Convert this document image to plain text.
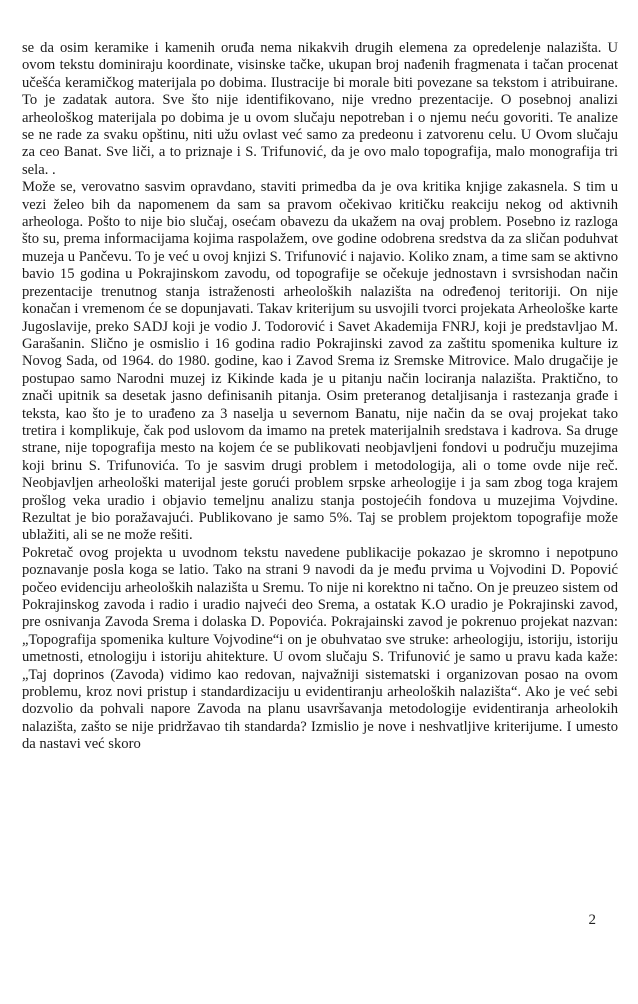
se da osim keramike i kamenih oruđa nema nikakvih drugih elemena za opredelenje nalazišta. U ovom tekstu dominiraju koordinate, visinske tačke, ukupan broj nađenih fragmenata i tačan procenat učešća keramičkog materijala po dobima. Ilustracije bi morale biti povezane sa tekstom i atribuirane. To je zadatak autora. Sve što nije identifikovano, nije vredno prezentacije. O posebnoj analizi arheološkog materijala po dobima je u ovom slučaju nepotreban i o njemu neću govoriti. Te analize se ne rade za svaku opštinu, niti užu ovlast već samo za predeonu i zatvorenu celu. U Ovom slučaju za ceo Banat. Sve liči, a to priznaje i S. Trifunović, da je ovo malo topografija, malo monografija tri sela. .

Može se, verovatno sasvim opravdano, staviti primedba da je ova kritika knjige zakasnela. S tim u vezi želeo bih da napomenem da sam sa pravom očekivao kritičku reakciju nekog od aktivnih arheologa. Pošto to nije bio slučaj, osećam obavezu da ukažem na ovaj problem. Posebno iz razloga što su, prema informacijama kojima raspolažem, ove godine odobrena sredstva da za sličan poduhvat muzeja u Pančevu. To je već u ovoj knjizi S. Trifunović i najavio. Koliko znam, a time sam se aktivno bavio 15 godina u Pokrajinskom zavodu, od topografije se očekuje jednostavn i svrsishodan način prezentacije trenutnog stanja istraženosti arheoloških nalazišta na određenoj teritoriji. On nije konačan i vremenom će se dopunjavati. Takav kriterijum su usvojili tvorci projekata Arheološke karte Jugoslavije, preko SADJ koji je vodio J. Todorović i Savet Akademija FNRJ, koji je predstavljao M. Garašanin. Slično je osmislio i 16 godina radio Pokrajinski zavod za zaštitu spomenika kulture iz Novog Sada, od 1964. do 1980. godine, kao i Zavod Srema iz Sremske Mitrovice. Malo drugačije je postupao samo Narodni muzej iz Kikinde kada je u pitanju način lociranja nalazišta. Praktično, to znači upitnik sa desetak jasno definisanih pitanja. Osim preteranog detaljisanja i rastezanja građe i teksta, kao što je to urađeno za 3 naselja u severnom Banatu, nije način da se ovaj projekat tako tretira i komplikuje, čak pod uslovom da imamo na pretek materijalnih sredstava i kadrova. Sa druge strane, nije topografija mesto na kojem će se publikovati neobjavljeni fondovi u području muzejima koji brinu S. Trifunovića. To je sasvim drugi problem i metodologija, ali o tome ovde nije reč. Neobjavljen arheološki materijal jeste gorući problem srpske arheologije i ja sam zbog toga krajem prošlog veka uradio i objavio temeljnu analizu stanja postojećih fondova u muzejima Vojvdine. Rezultat je bio poražavajući. Publikovano je samo 5%. Taj se problem projektom topografije može ublažiti, ali se ne može rešiti.

Pokretač ovog projekta u uvodnom tekstu navedene publikacije pokazao je skromno i nepotpuno poznavanje posla koga se latio. Tako na strani 9 navodi da je među prvima u Vojvodini D. Popović počeo evidenciju arheoloških nalazišta u Sremu. To nije ni korektno ni tačno. On je preuzeo sistem od Pokrajinskog zavoda i radio i uradio najveći deo Srema, a ostatak K.O uradio je Pokrajinski zavod, pre osnivanja Zavoda Srema i dolaska D. Popovića. Pokrajainski zavod je pokrenuo projekat nazvan: „Topografija spomenika kulture Vojvodine“i on je obuhvatao sve struke: arheologiju, istoriju, istoriju umetnosti, etnologiju i istoriju ahitekture. U ovom slučaju S. Trifunović je samo u pravu kada kaže: „Taj doprinos (Zavoda) vidimo kao redovan, najvažniji sistematski i organizovan posao na ovom problemu, kroz novi pristup i standardizaciju u evidentiranju arheoloških nalazišta“. Ako je već sebi dozvolio da pohvali napore Zavoda na planu usavršavanja metodologije evidentiranja arheolokih nalazišta, zašto se nije pridržavao tih standarda? Izmislio je nove i neshvatljive kriterijume. I umesto da nastavi već skoro

2
